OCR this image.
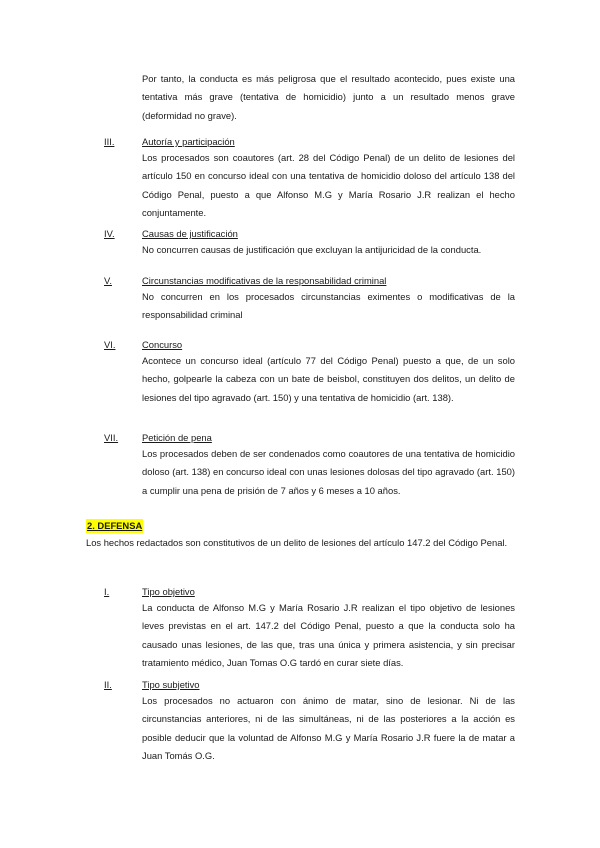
Por tanto, la conducta es más peligrosa que el resultado acontecido, pues existe una tentativa más grave (tentativa de homicidio) junto a un resultado menos grave (deformidad no grave).

III.	Autoría y participación

Los procesados son coautores (art. 28 del Código Penal) de un delito de lesiones del artículo 150 en concurso ideal con una tentativa de homicidio doloso del artículo 138 del Código Penal, puesto a que Alfonso M.G y María Rosario J.R realizan el hecho conjuntamente.

IV.	Causas de justificación

No concurren causas de justificación que excluyan la antijuricidad de la conducta.

V.	Circunstancias modificativas de la responsabilidad criminal

No concurren en los procesados circunstancias eximentes o modificativas de la responsabilidad criminal

VI.	Concurso

Acontece un concurso ideal (artículo 77 del Código Penal) puesto a que, de un solo hecho, golpearle la cabeza con un bate de beisbol, constituyen dos delitos, un delito de lesiones del tipo agravado (art. 150) y una tentativa de homicidio (art. 138).

VII.	Petición de pena

Los procesados deben de ser condenados como coautores de una tentativa de homicidio doloso (art. 138) en concurso ideal con unas lesiones dolosas del tipo agravado (art. 150) a cumplir una pena de prisión de 7 años y 6 meses a 10 años.

2. DEFENSA

Los hechos redactados son constitutivos de un delito de lesiones del artículo 147.2 del Código Penal.

I.	Tipo objetivo

La conducta de Alfonso M.G y María Rosario J.R realizan el tipo objetivo de lesiones leves previstas en el art. 147.2 del Código Penal, puesto a que la conducta solo ha causado unas lesiones, de las que, tras una única y primera asistencia, y sin precisar tratamiento médico, Juan Tomas O.G tardó en curar siete días.

II.	Tipo subjetivo

Los procesados no actuaron con ánimo de matar, sino de lesionar. Ni de las circunstancias anteriores, ni de las simultáneas, ni de las posteriores a la acción es posible deducir que la voluntad de Alfonso M.G y María Rosario J.R fuere la de matar a Juan Tomás O.G.
